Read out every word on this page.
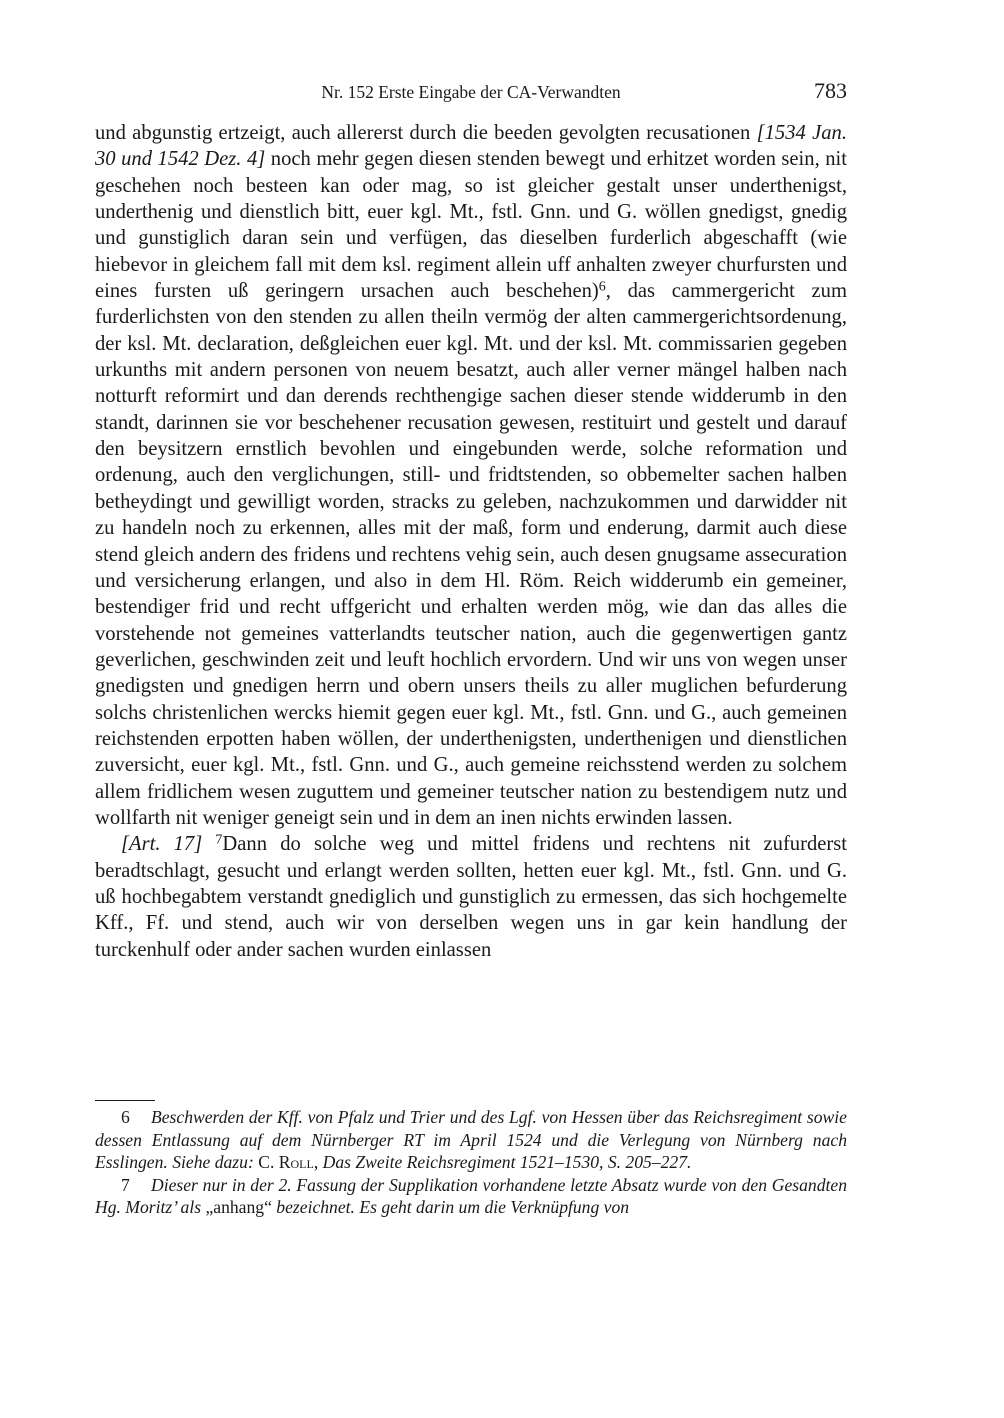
Nr. 152 Erste Eingabe der CA-Verwandten	783

und abgunstig ertzeigt, auch allererst durch die beeden gevolgten recusationen [1534 Jan. 30 und 1542 Dez. 4] noch mehr gegen diesen stenden bewegt und erhitzet worden sein, nit geschehen noch besteen kan oder mag, so ist gleicher gestalt unser underthenigst, underthenig und dienstlich bitt, euer kgl. Mt., fstl. Gnn. und G. wöllen gnedigst, gnedig und gunstiglich daran sein und verfügen, das dieselben furderlich abgeschafft (wie hiebevor in gleichem fall mit dem ksl. regiment allein uff anhalten zweyer churfursten und eines fursten uß geringern ursachen auch beschehen)$^6$, das cammergericht zum furderlichsten von den stenden zu allen theiln vermög der alten cammergerichtsordenung, der ksl. Mt. declaration, deßgleichen euer kgl. Mt. und der ksl. Mt. commissarien gegeben urkunths mit andern personen von neuem besatzt, auch aller verner mängel halben nach notturft reformirt und dan derends rechthengige sachen dieser stende widderumb in den standt, darinnen sie vor beschehener recusation gewesen, restituirt und gestelt und darauf den beysitzern ernstlich bevohlen und eingebunden werde, solche reformation und ordenung, auch den verglichungen, still- und fridtstenden, so obbemelter sachen halben betheydingt und gewilligt worden, stracks zu geleben, nachzukommen und darwidder nit zu handeln noch zu erkennen, alles mit der maß, form und enderung, darmit auch diese stend gleich andern des fridens und rechtens vehig sein, auch desen gnugsame assecuration und versicherung erlangen, und also in dem Hl. Röm. Reich widderumb ein gemeiner, bestendiger frid und recht uffgericht und erhalten werden mög, wie dan das alles die vorstehende not gemeines vatterlandts teutscher nation, auch die gegenwertigen gantz geverlichen, geschwinden zeit und leuft hochlich ervordern. Und wir uns von wegen unser gnedigsten und gnedigen herrn und obern unsers theils zu aller muglichen befurderung solchs christenlichen wercks hiemit gegen euer kgl. Mt., fstl. Gnn. und G., auch gemeinen reichstenden erpotten haben wöllen, der underthenigsten, underthenigen und dienstlichen zuversicht, euer kgl. Mt., fstl. Gnn. und G., auch gemeine reichsstend werden zu solchem allem fridlichem wesen zuguttem und gemeiner teutscher nation zu bestendigem nutz und wollfarth nit weniger geneigt sein und in dem an inen nichts erwinden lassen.

[Art. 17] $^7$Dann do solche weg und mittel fridens und rechtens nit zufurderst beradtschlagt, gesucht und erlangt werden sollten, hetten euer kgl. Mt., fstl. Gnn. und G. uß hochbegabtem verstandt gnediglich und gunstiglich zu ermessen, das sich hochgemelte Kff., Ff. und stend, auch wir von derselben wegen uns in gar kein handlung der turckenhulf oder ander sachen wurden einlassen

6 Beschwerden der Kff. von Pfalz und Trier und des Lgf. von Hessen über das Reichsregiment sowie dessen Entlassung auf dem Nürnberger RT im April 1524 und die Verlegung von Nürnberg nach Esslingen. Siehe dazu: C. Roll, Das Zweite Reichsregiment 1521–1530, S. 205–227.

7 Dieser nur in der 2. Fassung der Supplikation vorhandene letzte Absatz wurde von den Gesandten Hg. Moritz’ als „anhang“ bezeichnet. Es geht darin um die Verknüpfung von
